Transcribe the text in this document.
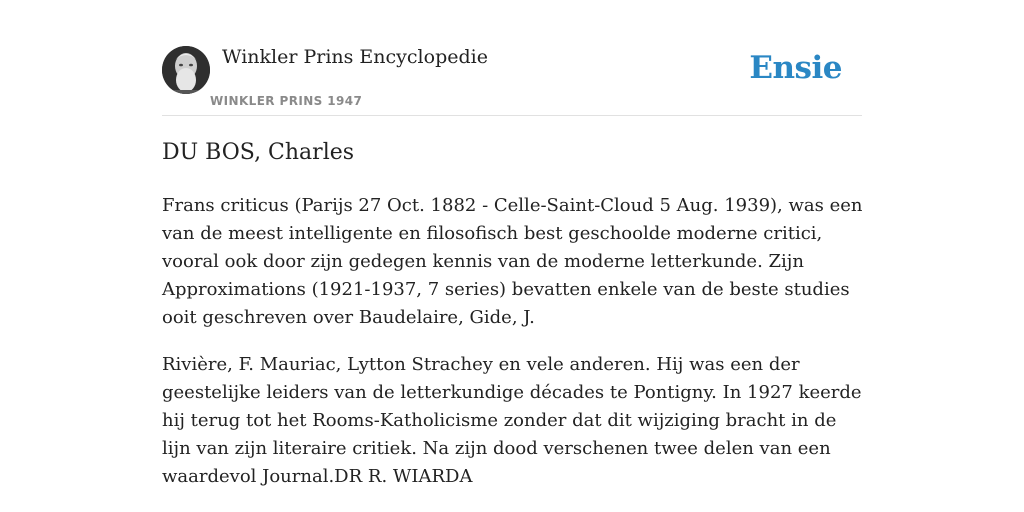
Winkler Prins Encyclopedie
WINKLER PRINS 1947
Ensie
DU BOS, Charles

Frans criticus (Parijs 27 Oct. 1882 - Celle-Saint-Cloud 5 Aug. 1939), was een van de meest intelligente en filosofisch best geschoolde moderne critici, vooral ook door zijn gedegen kennis van de moderne letterkunde. Zijn Approximations (1921-1937, 7 series) bevatten enkele van de beste studies ooit geschreven over Baudelaire, Gide, J.

Rivière, F. Mauriac, Lytton Strachey en vele anderen. Hij was een der geestelijke leiders van de letterkundige décades te Pontigny. In 1927 keerde hij terug tot het Rooms-Katholicisme zonder dat dit wijziging bracht in de lijn van zijn literaire critiek. Na zijn dood verschenen twee delen van een waardevol Journal.DR R. WIARDA
